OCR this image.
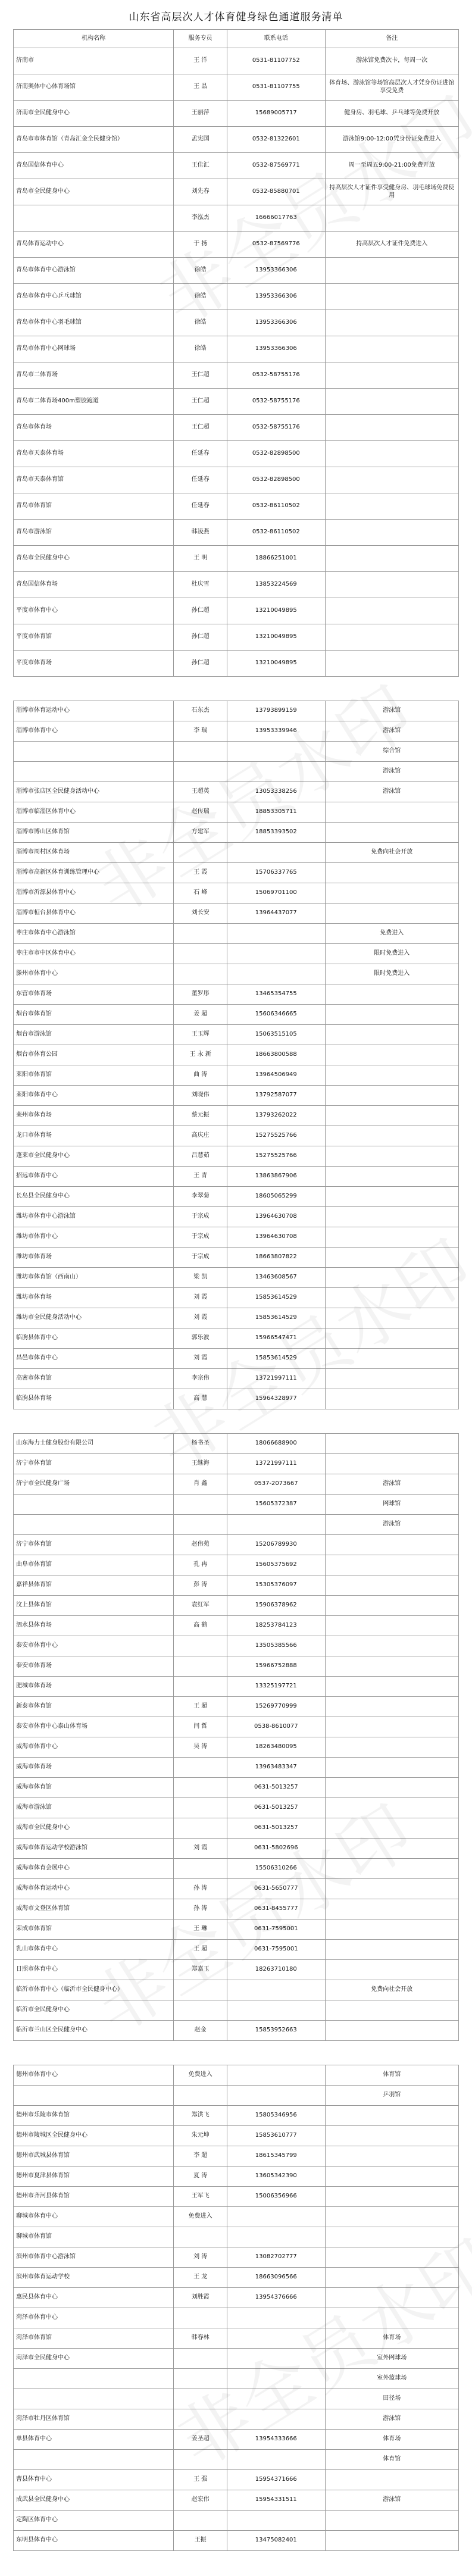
山东省高层次人才体育健身绿色通道服务清单
机构名称	服务专员	联系电话	备注
济南市	王 洋	0531-81107752	游泳馆免费次卡，每周一次
济南奥体中心体育场馆	王 晶	0531-81107755	体育场、游泳馆等场馆高层次人才凭身份证进馆享受免费
济南市全民健身中心	王丽萍	15689005717	健身房、羽毛球、乒乓球等免费开放
青岛市市体育馆（青岛汇金全民健身馆）	孟宪国	0532-81322601	游泳馆9:00-12:00凭身份证免费进入
青岛国信体育中心	王佳汇	0532-87569771	周一至周五9:00-21:00免费开放
青岛市全民健身中心	刘先春	0532-85880701	持高层次人才证件享受健身房、羽毛球场免费使用
	李泓杰	16666017763	
青岛体育运动中心	于 扬	0532-87569776	持高层次人才证件免费进入
青岛市体育中心游泳馆	徐皓	13953366306	
青岛市体育中心乒乓球馆	徐皓	13953366306	
青岛市体育中心羽毛球馆	徐皓	13953366306	
青岛市体育中心网球场	徐皓	13953366306	
青岛市二体育场	王仁超	0532-58755176	
青岛市二体育场400m塑胶跑道	王仁超	0532-58755176	
青岛市体育场	王仁超	0532-58755176	
青岛市天泰体育场	任延春	0532-82898500	
青岛市天泰体育馆	任延春	0532-82898500	
青岛市体育馆	任延春	0532-86110502	
青岛市游泳馆	韩凌燕	0532-86110502	
青岛市全民健身中心	王 明	18866251001	
青岛国信体育场	杜庆雪	13853224569	
平度市体育中心	孙仁超	13210049895	
平度市体育馆	孙仁超	13210049895	
平度市体育场	孙仁超	13210049895	
淄博市体育运动中心	石东杰	13793899159	游泳馆
淄博市体育中心	李 瑞	13953339946	游泳馆
			综合馆
			游泳馆
淄博市张店区全民健身活动中心	王超英	13053338256	游泳馆
淄博市临淄区体育中心	赵传瑞	18853305711	
淄博市博山区体育馆	方建军	18853393502	
淄博市周村区体育场			免费向社会开放
淄博市高新区体育训练管理中心	王 霞	15706337765	
淄博市沂源县体育中心	石 峰	15069701100	
淄博市桓台县体育中心	刘长安	13964437077	
枣庄市体育中心游泳馆			免费进入
枣庄市市中区体育中心			限时免费进入
滕州市体育中心			限时免费进入
东营市体育场	董罗彤	13465354755	
烟台市体育馆	姜 超	15606346665	
烟台市游泳馆	王玉辉	15063515105	
烟台市体育公园	王 永 新	18663800588	
莱阳市体育馆	曲 涛	13964506949	
莱阳市体育中心	刘晓伟	13792587077	
莱州市体育场	蔡元振	13793262022	
龙口市体育场	高庆庄	15275525766	
蓬莱市全民健身中心	吕慧茹	15275525766	
招远市体育中心	王 青	13863867906	
长岛县全民健身中心	李翠菊	18605065299	
潍坊市体育中心游泳馆	于宗成	13964630708	
潍坊市体育中心	于宗成	13964630708	
潍坊市体育场	于宗成	18663807822	
潍坊市体育馆（西南山）	梁 凯	13463608567	
潍坊市体育场	刘 霞	15853614529	
潍坊市全民健身活动中心	刘 霞	15853614529	
临朐县体育中心	郭乐波	15966547471	
昌邑市体育中心	刘 霞	15853614529	
高密市体育馆	李宗伟	13721997111	
临朐县体育场	高 慧	15964328977	
山东海力士健身股份有限公司	杨书圣	18066688900	
济宁市体育馆	王继海	13721997111	
济宁市全民健身广场	肖 鑫	0537-2073667	游泳馆
		15605372387	网球馆
			游泳馆
济宁市体育馆	赵伟苑	15206789930	
曲阜市体育馆	孔 冉	15605375692	
嘉祥县体育馆	彭 涛	15305376097	
汶上县体育馆	袁红军	15906378962	
泗水县体育场	高 鹤	18253784123	
泰安市体育中心		13505385566	
泰安市体育场		15966752888	
肥城市体育场		13325197721	
新泰市体育馆	王 超	15269770999	
泰安市体育中心泰山体育场	闫 哲	0538-8610077	
威海市体育中心	吴 涛	18263480095	
威海市体育场		13963483347	
威海市体育馆		0631-5013257	
威海市游泳馆		0631-5013257	
威海市全民健身中心		0631-5013257	
威海市体育运动学校游泳馆	刘 霞	0631-5802696	
威海市体育会展中心		15506310266	
威海市体育运动中心	孙 涛	0631-5650777	
威海市文登区体育馆	孙 涛	0631-8455777	
荣成市体育馆	王 琳	0631-7595001	
乳山市体育中心	王 超	0631-7595001	
日照市体育中心	郑嘉玉	18263710180	
临沂市体育中心（临沂市全民健身中心）			免费向社会开放
临沂市全民健身中心			
临沂市兰山区全民健身中心	赵金	15853952663	
德州市体育中心	免费进入		体育馆
			乒羽馆
德州市乐陵市体育馆	郑洪飞	15805346956	
德州市陵城区全民健身中心	朱元坤	15853610777	
德州市武城县体育馆	李 超	18615345799	
德州市夏津县体育馆	夏 涛	13605342390	
德州市齐河县体育馆	王军飞	15006356966	
聊城市体育中心	免费进入		
聊城市体育馆			
滨州市体育中心游泳馆	刘 涛	13082702777	
滨州市体育运动学校	王 龙	18663096566	
惠民县体育中心	刘胜霞	13954376666	
菏泽市体育中心			
菏泽市体育馆	韩春林		体育场
菏泽市全民健身中心			室外网球场
			室外篮球场
			田径场
菏泽市牡丹区体育馆			游泳馆
单县体育中心	姜圣超	13954333666	体育场
			体育馆
曹县体育中心	王 强	15954371666	
成武县全民健身中心	赵宏伟	15954331511	游泳馆
定陶区体育中心			
东明县体育中心	王振	13475082401	
